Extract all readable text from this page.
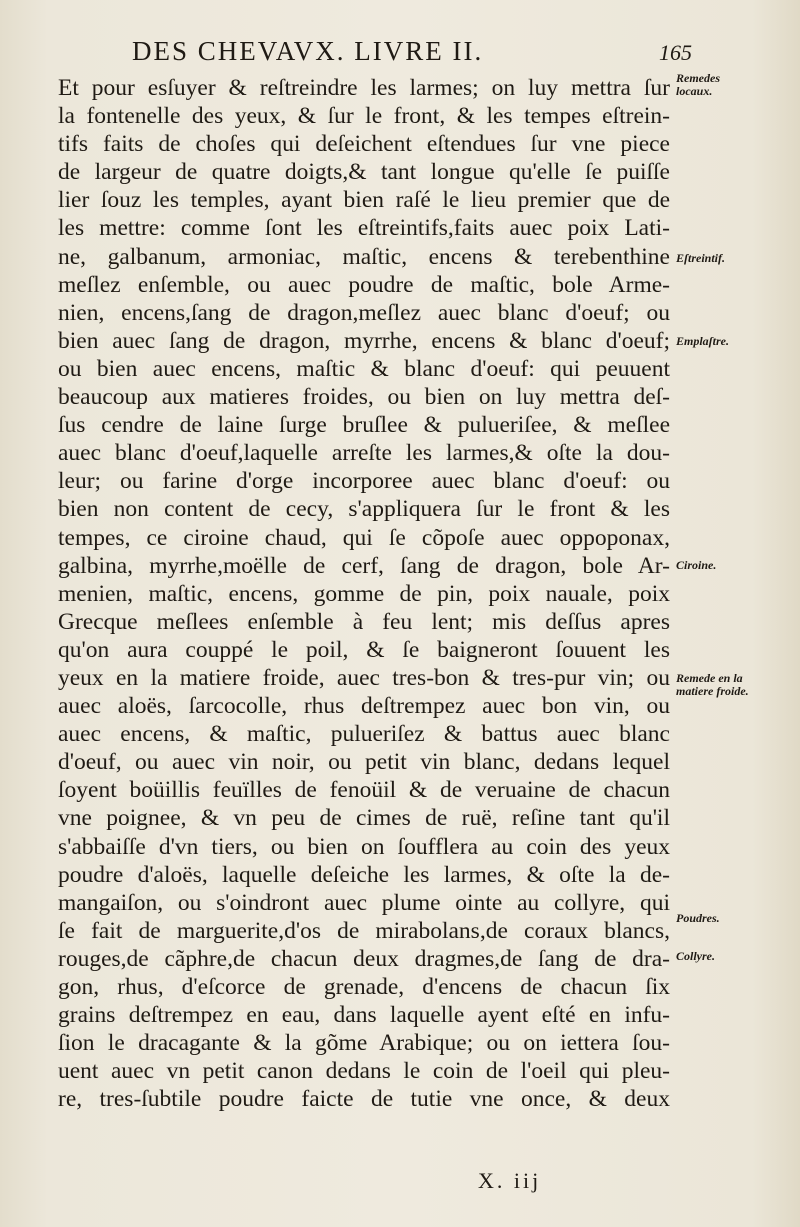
DES CHEVAVX. LIVRE II.	165
Et pour esſuyer & reſtreindre les larmes; on luy mettra ſur
la fontenelle des yeux, & ſur le front, & les tempes eſtrein-
tifs faits de choſes qui deſeichent eſtendues ſur vne piece
de largeur de quatre doigts,& tant longue qu'elle ſe puiſſe
lier ſouz les temples, ayant bien raſé le lieu premier que de
les mettre: comme ſont les eſtreintifs,faits auec poix Lati-
ne, galbanum, armoniac, maſtic, encens & terebenthine
meſlez enſemble, ou auec poudre de maſtic, bole Arme-
nien, encens,ſang de dragon,meſlez auec blanc d'oeuf; ou
bien auec ſang de dragon, myrrhe, encens & blanc d'oeuf;
ou bien auec encens, maſtic & blanc d'oeuf: qui peuuent
beaucoup aux matieres froides, ou bien on luy mettra deſ-
ſus cendre de laine ſurge bruſlee & pulueriſee, & meſlee
auec blanc d'oeuf,laquelle arreſte les larmes,& oſte la dou-
leur; ou farine d'orge incorporee auec blanc d'oeuf: ou
bien non content de cecy, s'appliquera ſur le front & les
tempes, ce ciroine chaud, qui ſe cõpoſe auec oppoponax,
galbina, myrrhe,moëlle de cerf, ſang de dragon, bole Ar-
menien, maſtic, encens, gomme de pin, poix nauale, poix
Grecque meſlees enſemble à feu lent; mis deſſus apres
qu'on aura couppé le poil, & ſe baigneront ſouuent les
yeux en la matiere froide, auec tres-bon & tres-pur vin; ou
auec aloës, ſarcocolle, rhus deſtrempez auec bon vin, ou
auec encens, & maſtic, pulueriſez & battus auec blanc
d'oeuf, ou auec vin noir, ou petit vin blanc, dedans lequel
ſoyent boüillis feuïlles de fenoüil & de veruaine de chacun
vne poignee, & vn peu de cimes de ruë, reſine tant qu'il
s'abbaiſſe d'vn tiers, ou bien on ſoufflera au coin des yeux
poudre d'aloës, laquelle deſeiche les larmes, & oſte la de-
mangaiſon, ou s'oindront auec plume ointe au collyre, qui
ſe fait de marguerite,d'os de mirabolans,de coraux blancs,
rouges,de cãphre,de chacun deux dragmes,de ſang de dra-
gon, rhus, d'eſcorce de grenade, d'encens de chacun ſix
grains deſtrempez en eau, dans laquelle ayent eſté en infu-
ſion le dracagante & la gõme Arabique; ou on iettera ſou-
uent auec vn petit canon dedans le coin de l'oeil qui pleu-
re, tres-ſubtile poudre faicte de tutie vne once, & deux
Remedes locaux.
Eſtreintif.
Emplaſtre.
Ciroine.
Remede en la matiere froide.
Poudres.
Collyre.
X. iij
